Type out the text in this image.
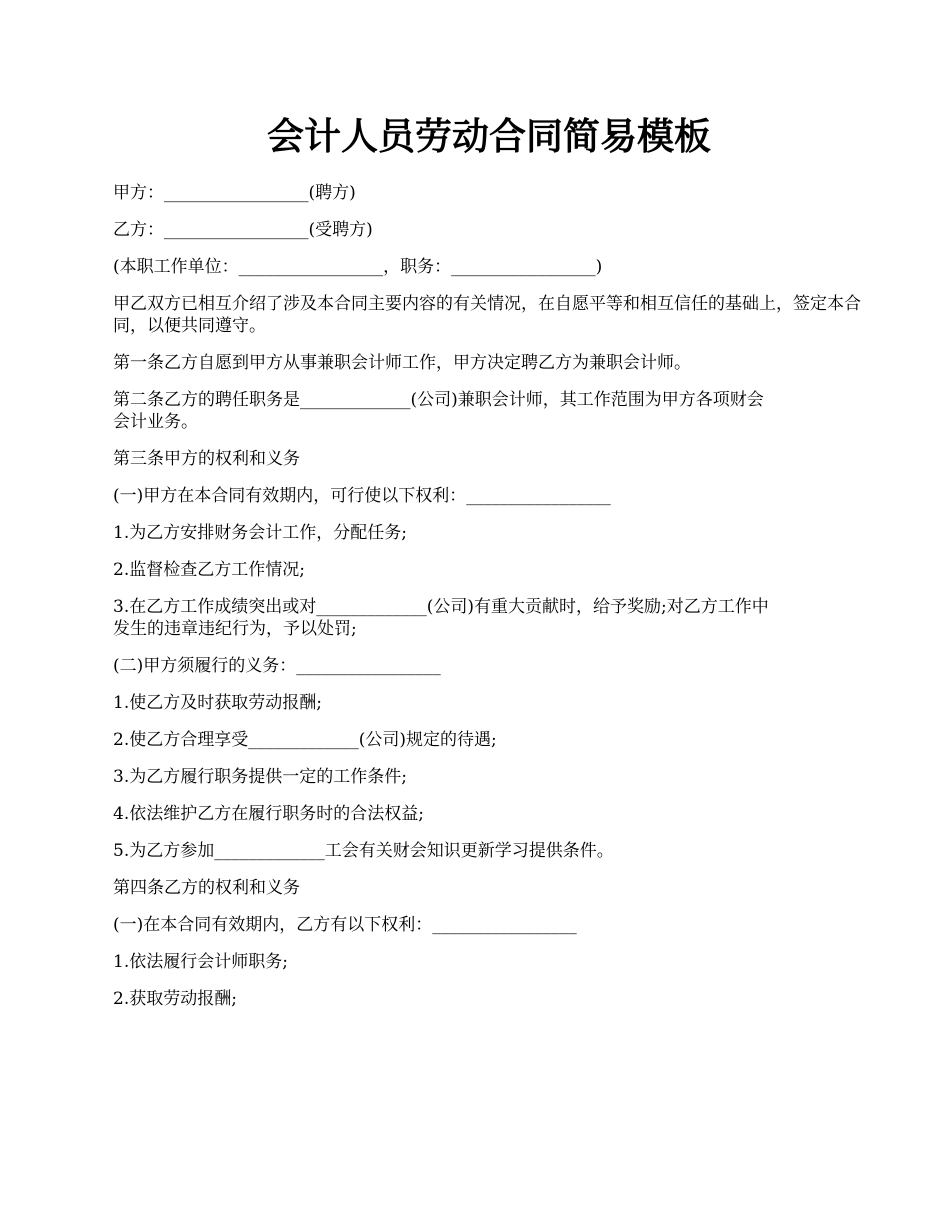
会计人员劳动合同简易模板

甲方：_________________(聘方)

乙方：_________________(受聘方)

(本职工作单位：_________________，职务：_________________)

甲乙双方已相互介绍了涉及本合同主要内容的有关情况，在自愿平等和相互信任的基础上，签定本合同，以便共同遵守。

第一条乙方自愿到甲方从事兼职会计师工作，甲方决定聘乙方为兼职会计师。

第二条乙方的聘任职务是_____________(公司)兼职会计师，其工作范围为甲方各项财会
会计业务。

第三条甲方的权利和义务

(一)甲方在本合同有效期内，可行使以下权利：_________________

1.为乙方安排财务会计工作，分配任务;

2.监督检查乙方工作情况;

3.在乙方工作成绩突出或对_____________(公司)有重大贡献时，给予奖励;对乙方工作中
发生的违章违纪行为，予以处罚;

(二)甲方须履行的义务：_________________

1.使乙方及时获取劳动报酬;

2.使乙方合理享受_____________(公司)规定的待遇;

3.为乙方履行职务提供一定的工作条件;

4.依法维护乙方在履行职务时的合法权益;

5.为乙方参加_____________工会有关财会知识更新学习提供条件。

第四条乙方的权利和义务

(一)在本合同有效期内，乙方有以下权利：_________________

1.依法履行会计师职务;

2.获取劳动报酬;
